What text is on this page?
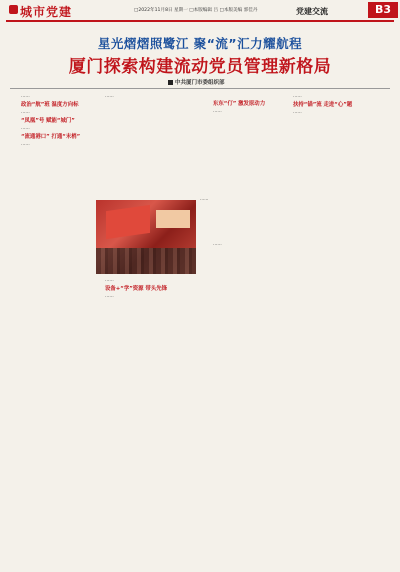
城市党建	□2022年11月8日 星期一 □本版编辑 吕 □本版美编 郭佳丹	党建交流	B3
星光熠熠照鹭江 聚“流”汇力耀航程
厦门探索构建流动党员管理新格局
中共厦门市委组织部

……

政治“航”班 温度方向标

……

“凤凰”号 赋能“城门”

……

“流通港口” 打通“末梢”

……

……

……

……

设备+“学”资源 带头先锋

……

……

……

扶持“锚”流 走进“心”题

……

东东“仃” 激发原动力

……
